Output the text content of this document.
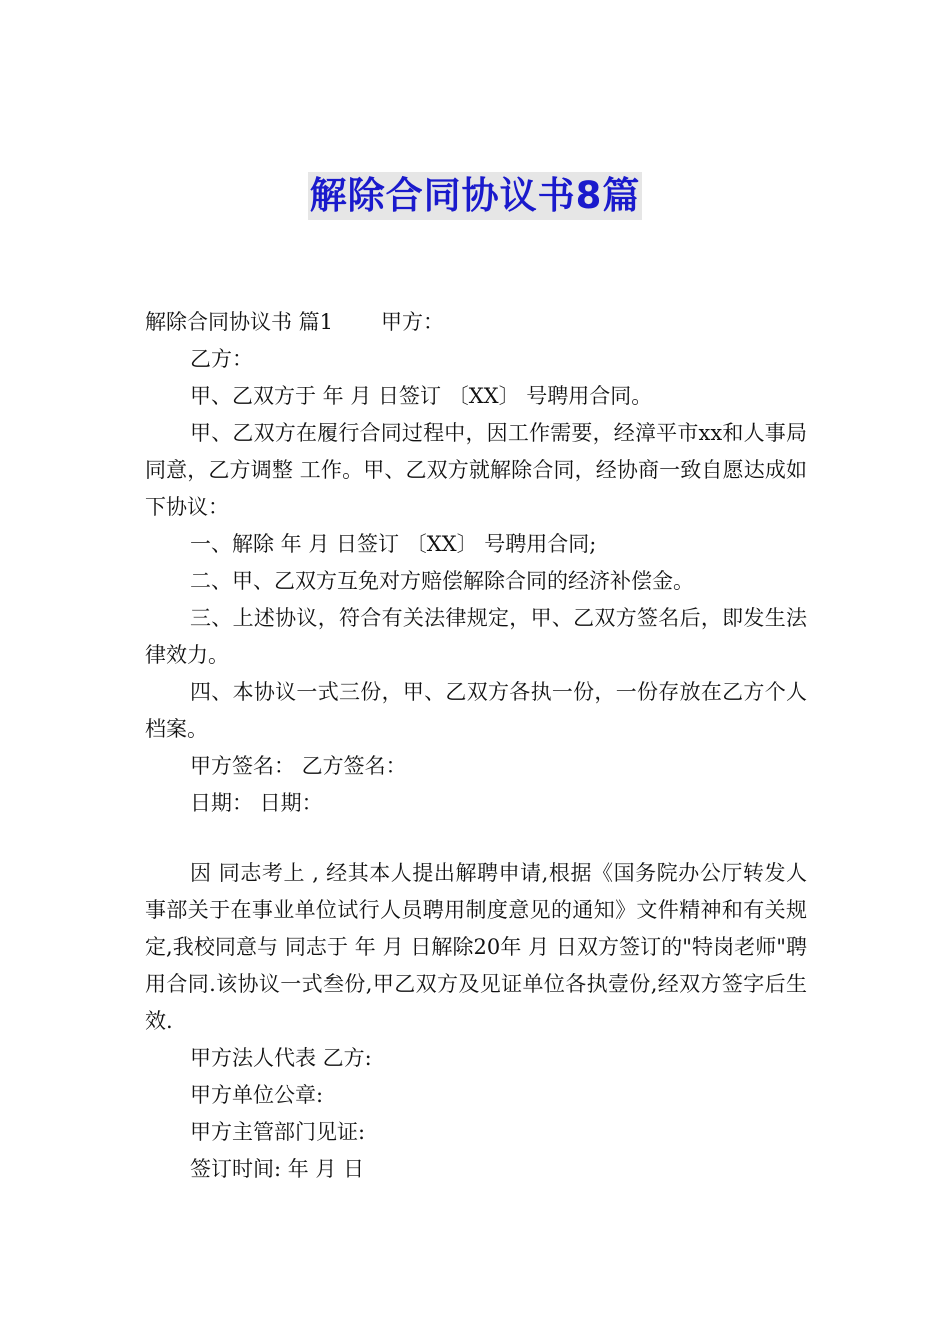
解除合同协议书8篇

解除合同协议书 篇1 甲方：

乙方：

甲、乙双方于 年 月 日签订 〔XX〕 号聘用合同。

甲、乙双方在履行合同过程中，因工作需要，经漳平市xx和人事局同意，乙方调整 工作。甲、乙双方就解除合同，经协商一致自愿达成如下协议：

一、解除 年 月 日签订 〔XX〕 号聘用合同;

二、甲、乙双方互免对方赔偿解除合同的经济补偿金。

三、上述协议，符合有关法律规定，甲、乙双方签名后，即发生法律效力。

四、本协议一式三份，甲、乙双方各执一份，一份存放在乙方个人档案。

甲方签名： 乙方签名：

日期： 日期：

因 同志考上 , 经其本人提出解聘申请,根据《国务院办公厅转发人事部关于在事业单位试行人员聘用制度意见的通知》文件精神和有关规定,我校同意与 同志于 年 月 日解除20年 月 日双方签订的"特岗老师"聘用合同.该协议一式叁份,甲乙双方及见证单位各执壹份,经双方签字后生效.

甲方法人代表 乙方:

甲方单位公章:

甲方主管部门见证:

签订时间: 年 月 日
